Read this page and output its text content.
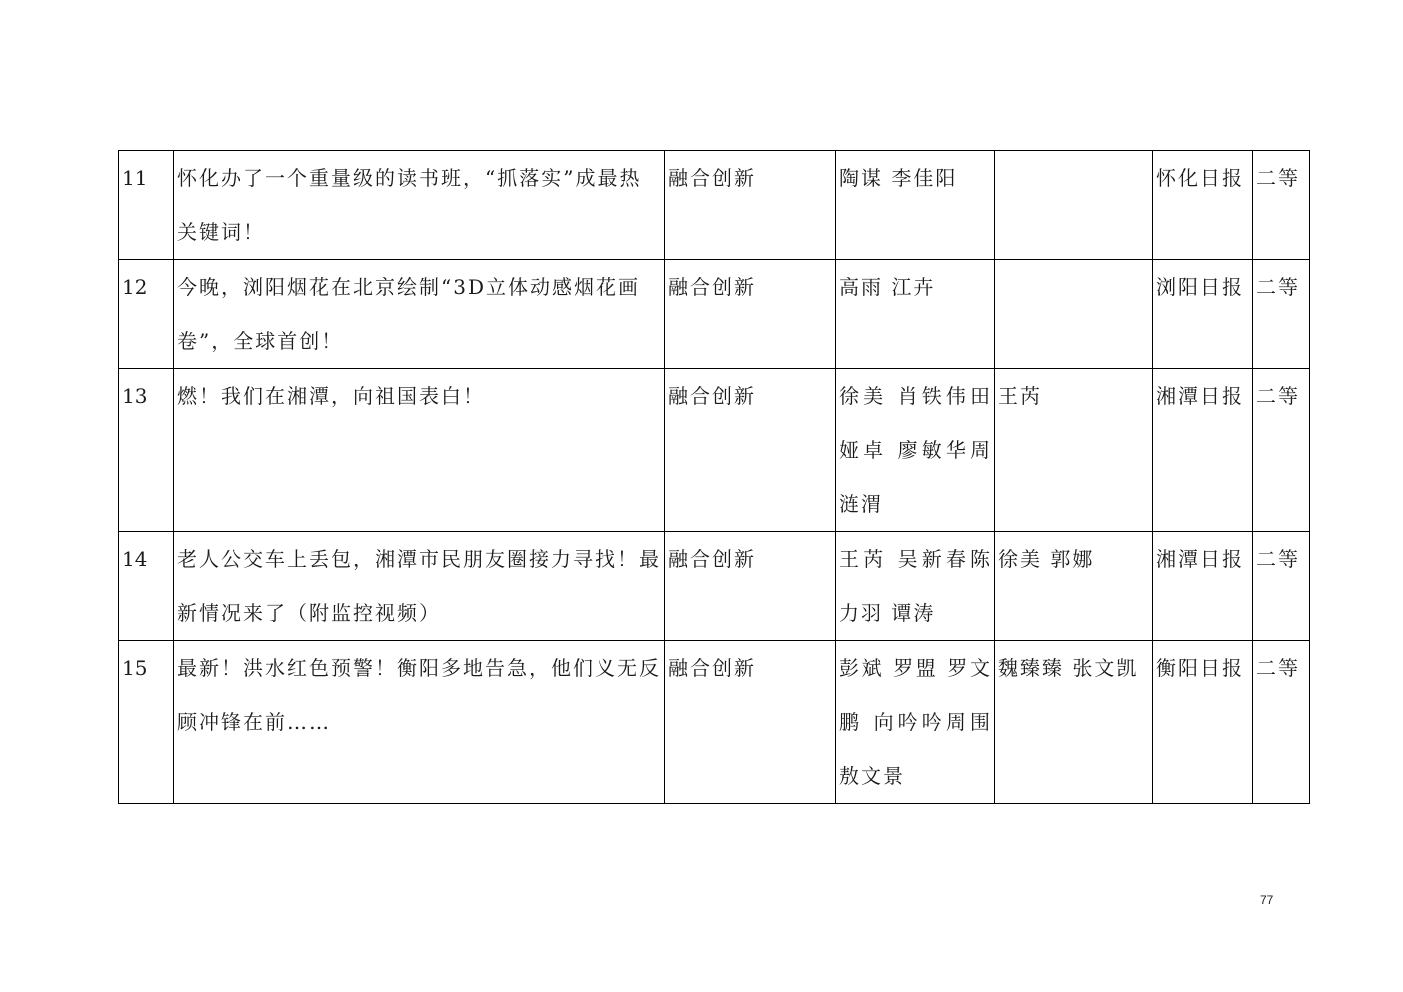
11	怀化办了一个重量级的读书班，“抓落实”成最热关键词！	融合创新	陶谋 李佳阳		怀化日报	二等

12	今晚，浏阳烟花在北京绘制“3D立体动感烟花画卷”，全球首创！	融合创新	高雨 江卉		浏阳日报	二等

13	燃！我们在湘潭，向祖国表白！	融合创新	徐美 肖铁伟田娅卓 廖敏华周涟渭	王芮	湘潭日报	二等

14	老人公交车上丢包，湘潭市民朋友圈接力寻找！最新情况来了（附监控视频）	融合创新	王芮 吴新春陈力羽 谭涛	徐美 郭娜	湘潭日报	二等

15	最新！洪水红色预警！衡阳多地告急，他们义无反顾冲锋在前……	融合创新	彭斌 罗盟 罗文鹏 向吟吟周围 敖文景	魏臻臻 张文凯	衡阳日报	二等
77
